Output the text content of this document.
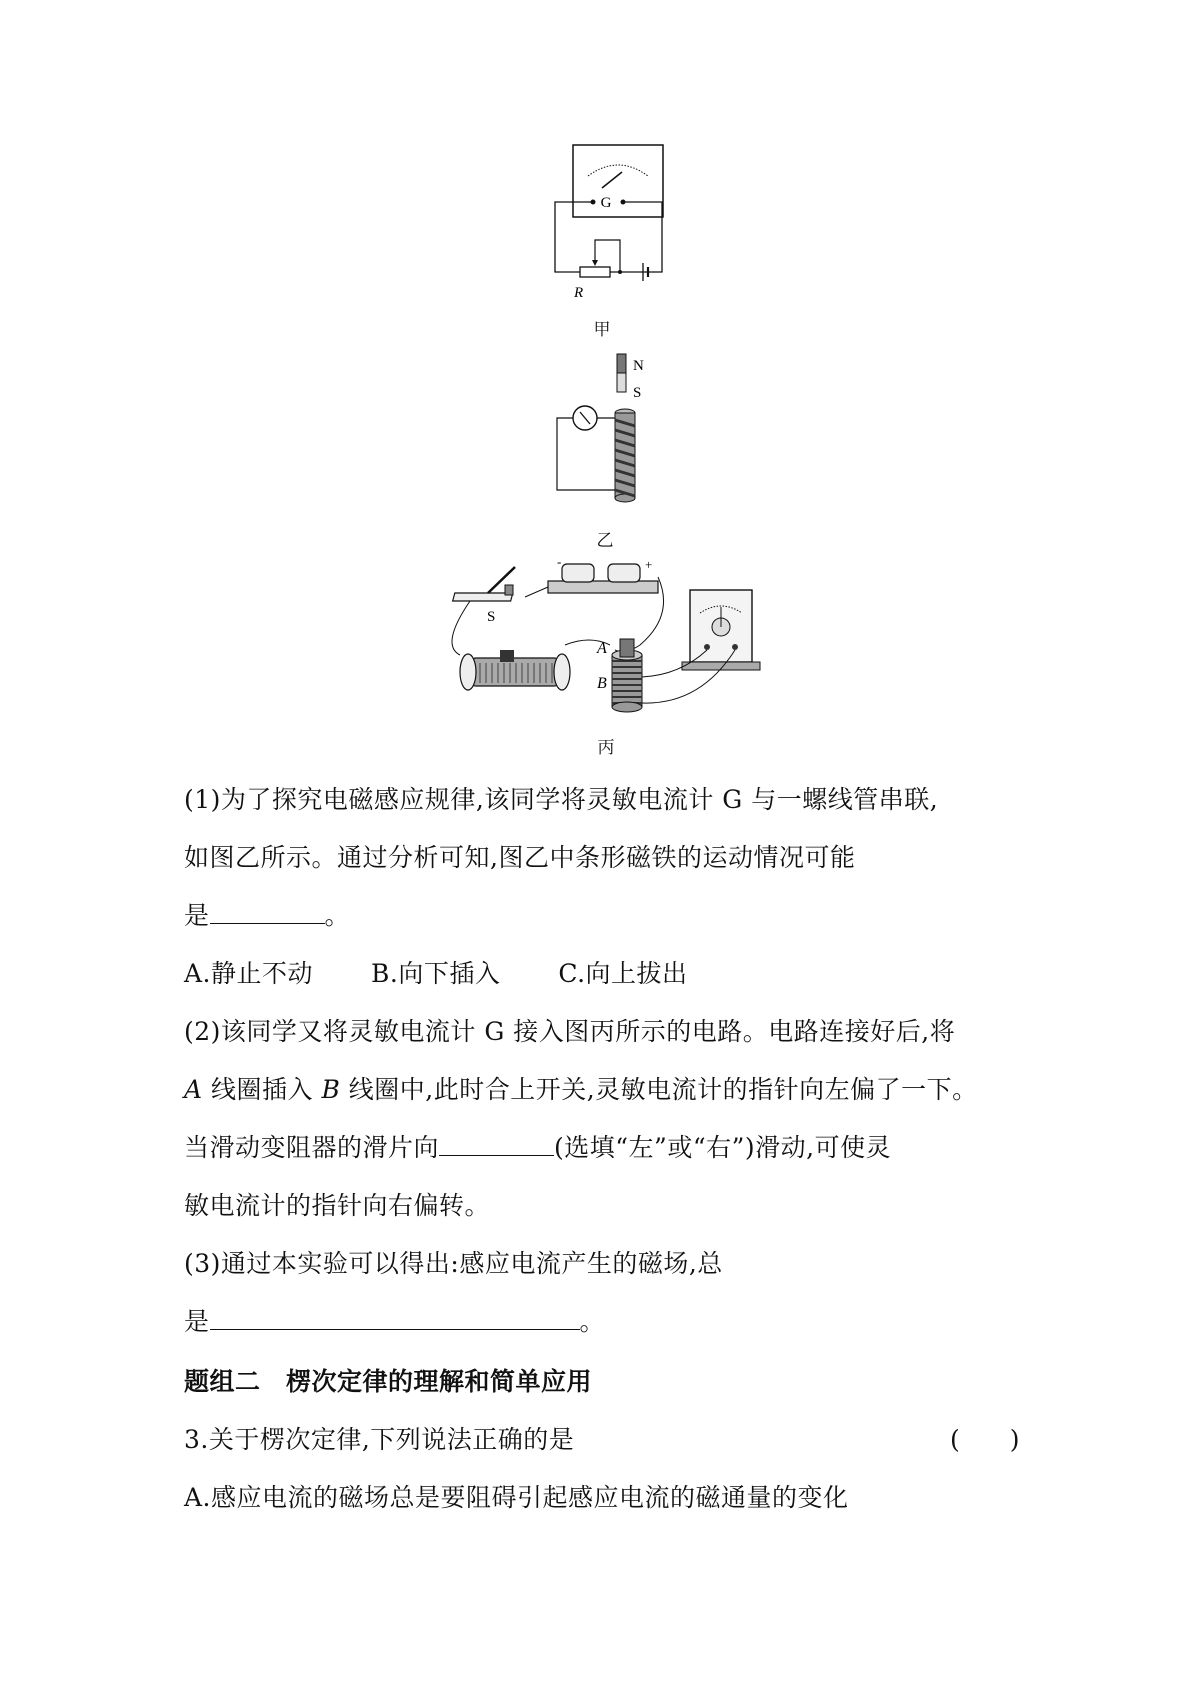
G
R
甲
N
S
乙
S
-	+
A
B
丙
(1)为了探究电磁感应规律,该同学将灵敏电流计 G 与一螺线管串联,
如图乙所示。通过分析可知,图乙中条形磁铁的运动情况可能
是	。
A.静止不动 B.向下插入 C.向上拔出
(2)该同学又将灵敏电流计 G 接入图丙所示的电路。电路连接好后,将
A 线圈插入 B 线圈中,此时合上开关,灵敏电流计的指针向左偏了一下。
当滑动变阻器的滑片向	(选填“左”或“右”)滑动,可使灵
敏电流计的指针向右偏转。
(3)通过本实验可以得出:感应电流产生的磁场,总
是	。
题组二　楞次定律的理解和简单应用
3.关于楞次定律,下列说法正确的是	(　　)
A.感应电流的磁场总是要阻碍引起感应电流的磁通量的变化
